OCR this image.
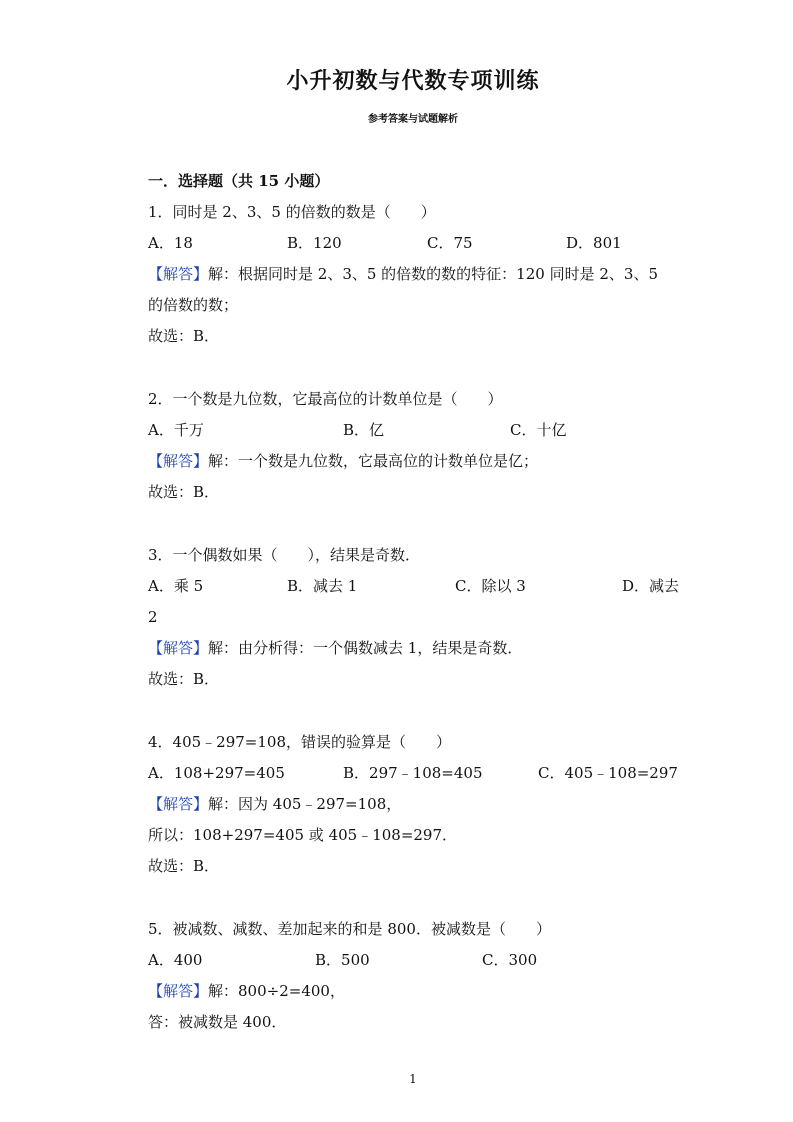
小升初数与代数专项训练
参考答案与试题解析
一．选择题（共 15 小题）
1．同时是 2、3、5 的倍数的数是（　　）
A．18	B．120	C．75	D．801
【解答】解：根据同时是 2、3、5 的倍数的数的特征：120 同时是 2、3、5
的倍数的数；
故选：B．
2．一个数是九位数，它最高位的计数单位是（　　）
A．千万	B．亿	C．十亿
【解答】解：一个数是九位数，它最高位的计数单位是亿；
故选：B．
3．一个偶数如果（　　），结果是奇数．
A．乘 5	B．减去 1	C．除以 3	D．减去
2
【解答】解：由分析得：一个偶数减去 1，结果是奇数．
故选：B．
4．405﹣297=108，错误的验算是（　　）
A．108+297=405	B．297﹣108=405	C．405﹣108=297
【解答】解：因为 405﹣297=108，
所以：108+297=405 或 405﹣108=297．
故选：B．
5．被减数、减数、差加起来的和是 800．被减数是（　　）
A．400	B．500	C．300
【解答】解：800÷2=400，
答：被减数是 400．
1
